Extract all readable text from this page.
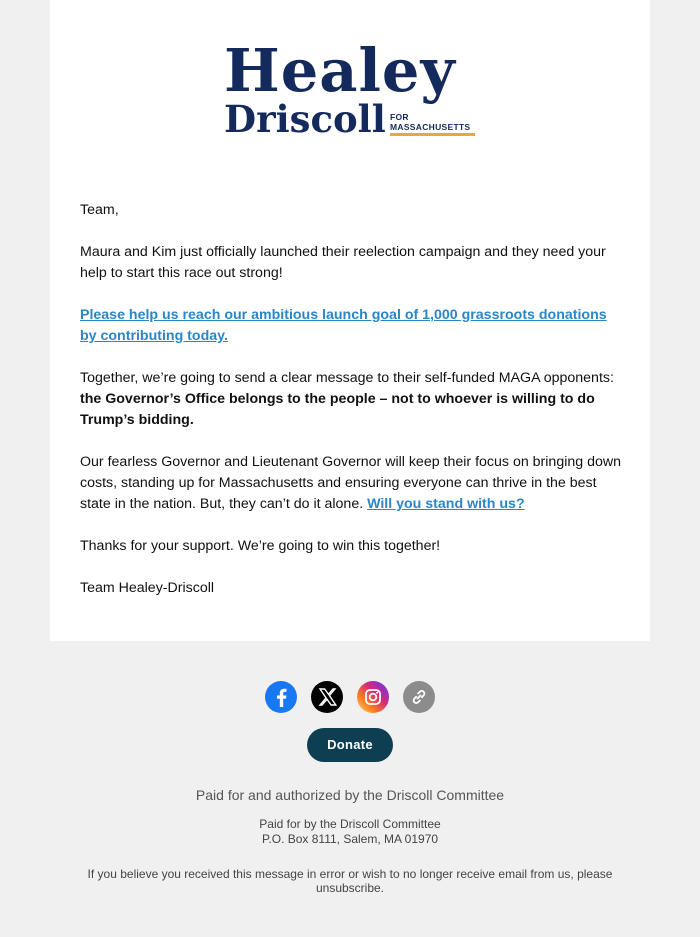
Healey
Driscoll FOR
MASSACHUSETTS

Team,

Maura and Kim just officially launched their reelection campaign and they need your help to start this race out strong!

Please help us reach our ambitious launch goal of 1,000 grassroots donations by contributing today.

Together, we’re going to send a clear message to their self-funded MAGA opponents: the Governor’s Office belongs to the people – not to whoever is willing to do Trump’s bidding.

Our fearless Governor and Lieutenant Governor will keep their focus on bringing down costs, standing up for Massachusetts and ensuring everyone can thrive in the best state in the nation. But, they can’t do it alone. Will you stand with us?

Thanks for your support. We’re going to win this together!

Team Healey-Driscoll

Donate
Paid for and authorized by the Driscoll Committee
Paid for by the Driscoll Committee
P.O. Box 8111, Salem, MA 01970
If you believe you received this message in error or wish to no longer receive email from us, please unsubscribe.
